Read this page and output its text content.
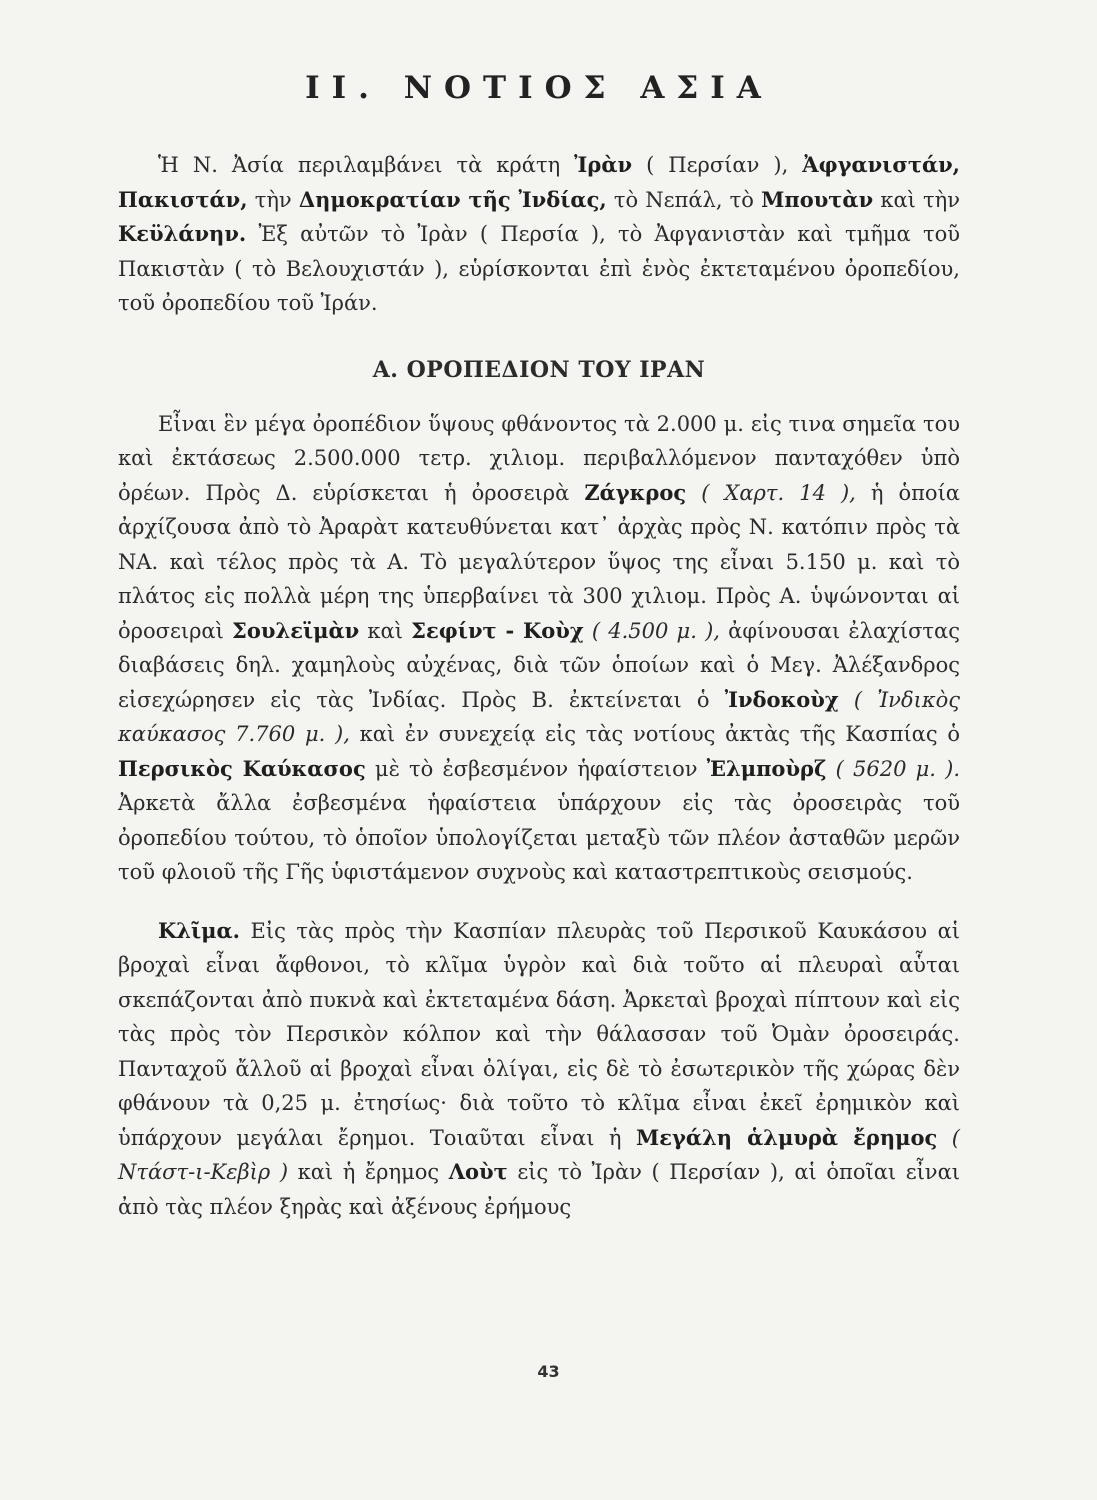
II. ΝΟΤΙΟΣ ΑΣΙΑ

Ἡ Ν. Ἀσία περιλαμβάνει τὰ κράτη Ἰρὰν ( Περσίαν ), Ἀφγανιστάν, Πακιστάν, τὴν Δημοκρατίαν τῆς Ἰνδίας, τὸ Νεπάλ, τὸ Μπουτὰν καὶ τὴν Κεϋλάνην. Ἐξ αὐτῶν τὸ Ἰρὰν ( Περσία ), τὸ Ἀφγανιστὰν καὶ τμῆμα τοῦ Πακιστὰν ( τὸ Βελουχιστάν ), εὑρίσκονται ἐπὶ ἑνὸς ἐκτεταμένου ὀροπεδίου, τοῦ ὀροπεδίου τοῦ Ἰράν.

Α. ΟΡΟΠΕΔΙΟΝ ΤΟΥ ΙΡΑΝ

Εἶναι ἓν μέγα ὀροπέδιον ὕψους φθάνοντος τὰ 2.000 μ. εἰς τινα σημεῖα του καὶ ἐκτάσεως 2.500.000 τετρ. χιλιομ. περιβαλλόμενον πανταχόθεν ὑπὸ ὀρέων. Πρὸς Δ. εὑρίσκεται ἡ ὀροσειρὰ Ζάγκρος ( Χαρτ. 14 ), ἡ ὁποία ἀρχίζουσα ἀπὸ τὸ Ἀραρὰτ κατευθύνεται κατ᾽ ἀρχὰς πρὸς Ν. κατόπιν πρὸς τὰ ΝΑ. καὶ τέλος πρὸς τὰ Α. Τὸ μεγαλύτερον ὕψος της εἶναι 5.150 μ. καὶ τὸ πλάτος εἰς πολλὰ μέρη της ὑπερβαίνει τὰ 300 χιλιομ. Πρὸς Α. ὑψώνονται αἱ ὀροσειραὶ Σουλεϊμὰν καὶ Σεφίντ - Κοὺχ ( 4.500 μ. ), ἀφίνουσαι ἐλαχίστας διαβάσεις δηλ. χαμηλοὺς αὐχένας, διὰ τῶν ὁποίων καὶ ὁ Μεγ. Ἀλέξανδρος εἰσεχώρησεν εἰς τὰς Ἰνδίας. Πρὸς Β. ἐκτείνεται ὁ Ἰνδοκοὺχ ( Ἰνδικὸς καύκασος 7.760 μ. ), καὶ ἐν συνεχείᾳ εἰς τὰς νοτίους ἀκτὰς τῆς Κασπίας ὁ Περσικὸς Καύκασος μὲ τὸ ἐσβεσμένον ἡφαίστειον Ἐλμποὺρζ ( 5620 μ. ). Ἀρκετὰ ἄλλα ἐσβεσμένα ἡφαίστεια ὑπάρχουν εἰς τὰς ὀροσειρὰς τοῦ ὀροπεδίου τούτου, τὸ ὁποῖον ὑπολογίζεται μεταξὺ τῶν πλέον ἀσταθῶν μερῶν τοῦ φλοιοῦ τῆς Γῆς ὑφιστάμενον συχνοὺς καὶ καταστρεπτικοὺς σεισμούς.

Κλῖμα. Εἰς τὰς πρὸς τὴν Κασπίαν πλευρὰς τοῦ Περσικοῦ Καυκάσου αἱ βροχαὶ εἶναι ἄφθονοι, τὸ κλῖμα ὑγρὸν καὶ διὰ τοῦτο αἱ πλευραὶ αὗται σκεπάζονται ἀπὸ πυκνὰ καὶ ἐκτεταμένα δάση. Ἀρκεταὶ βροχαὶ πίπτουν καὶ εἰς τὰς πρὸς τὸν Περσικὸν κόλπον καὶ τὴν θάλασσαν τοῦ Ὀμὰν ὀροσειράς. Πανταχοῦ ἄλλοῦ αἱ βροχαὶ εἶναι ὀλίγαι, εἰς δὲ τὸ ἐσωτερικὸν τῆς χώρας δὲν φθάνουν τὰ 0,25 μ. ἐτησίως· διὰ τοῦτο τὸ κλῖμα εἶναι ἐκεῖ ἐρημικὸν καὶ ὑπάρχουν μεγάλαι ἔρημοι. Τοιαῦται εἶναι ἡ Μεγάλη ἁλμυρὰ ἔρημος ( Ντάστ-ι-Κεβὶρ ) καὶ ἡ ἔρημος Λοὺτ εἰς τὸ Ἰρὰν ( Περσίαν ), αἱ ὁποῖαι εἶναι ἀπὸ τὰς πλέον ξηρὰς καὶ ἀξένους ἐρήμους

43
